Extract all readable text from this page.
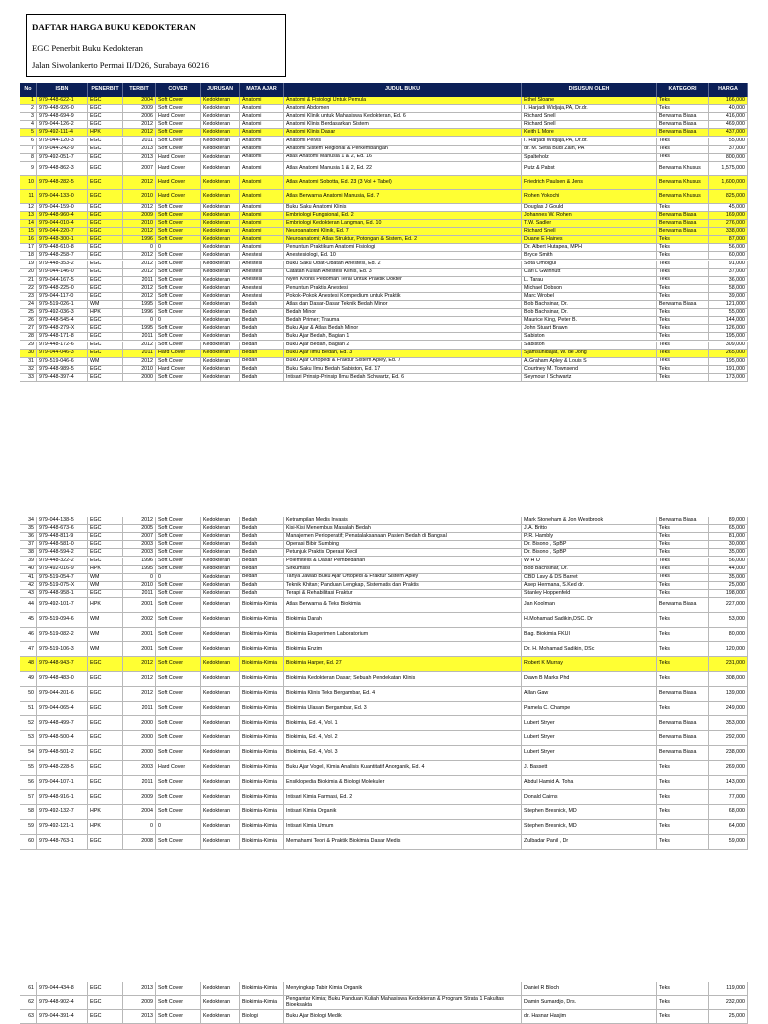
DAFTAR HARGA BUKU KEDOKTERAN
EGC Penerbit Buku Kedokteran
Jalan Siwolankerto Permai II/D26, Surabaya 60216
No	ISBN	PENERBIT	TERBIT	COVER	JURUSAN	MATA AJAR	JUDUL BUKU	DISUSUN OLEH	KATEGORI	HARGA
1 979-448-622-1	EGC	2004 Soft Cover	Kedokteran	Anatomi	Anatomi & Fisiologi Untuk Pemula	Ethel Sloane	Teks	166,000
2 979-448-926-0	EGC	2009 Soft Cover	Kedokteran	Anatomi	Anatomi Abdomen	I. Harjadi Widjaja,PA, Dr.dr.	Teks	40,000
3 979-448-694-9	EGC	2006 Hard Cover	Kedokteran	Anatomi	Anatomi Klinik untuk Mahasiswa Kedokteran, Ed. 6	Richard Snell	Berwarna Biasa	416,000
4 979-044-126-2	EGC	2012 Soft Cover	Kedokteran	Anatomi	Anatomi Klinis Berdasarkan Sistem	Richard Snell	Berwarna Biasa	469,000
5 979-492-111-4	HPK	2012 Soft Cover	Kedokteran	Anatomi	Anatomi Klinis Dasar	Keith L More	Berwarna Biasa	437,000
6 979-044-120-3	EGC	2011 Soft Cover	Kedokteran	Anatomi	Anatomi Pelvis	I. Harjadi Widjaja,PA, Dr.dr.	Teks	55,000
7 979-044-242-9	EGC	2013 Soft Cover	Kedokteran	Anatomi	Anatomi Sistem Regional & Perkembangan	dr. M. Setia Budi Zain, PA	Teks	37,000
8 979-492-051-7	EGC	2013 Hard Cover	Kedokteran	Anatomi	Atlas Anatomi Manusia 1 & 2, Ed. 16	Spalteholz	Teks	800,000
9 979-448-862-3	EGC	2007 Hard Cover	Kedokteran	Anatomi	Atlas Anatomi Manusia 1 & 2, Ed. 22	Putz & Pabst	Berwarna Khusus	1,575,000
10 979-448-282-5	EGC	2012 Hard Cover	Kedokteran	Anatomi	Atlas Anatomi Sobotta, Ed. 23 (3 Vol + Tabel)	Friedrich Paulsen & Jens	Berwarna Khusus	1,600,000
11 979-044-133-0	EGC	2010 Hard Cover	Kedokteran	Anatomi	Atlas Berwarna Anatomi Manusia, Ed. 7	Rohen Yokochi	Berwarna Khusus	825,000
12 979-044-159-0	EGC	2012 Soft Cover	Kedokteran	Anatomi	Buku Saku Anatomi Klinis	Douglas J Gould	Teks	45,000
13 979-448-960-4	EGC	2009 Soft Cover	Kedokteran	Anatomi	Embriologi Fungsional, Ed. 2	Johannes W. Rohen	Berwarna Biasa	169,000
14 979-044-010-4	EGC	2010 Soft Cover	Kedokteran	Anatomi	Embriologi Kedokteran Langman, Ed. 10	T.W. Sadler	Berwarna Biasa	276,000
15 979-044-220-7	EGC	2012 Soft Cover	Kedokteran	Anatomi	Neuroanatomi Klinik, Ed. 7	Richard Snell	Berwarna Biasa	338,000
16 979-448-300-1	EGC	1996 Soft Cover	Kedokteran	Anatomi	Neuroanatomi; Atlas Struktur, Potongan & Sistem, Ed. 2	Duane E Haines	Teks	87,000
17 979-448-610-8	EGC	0 0	Kedokteran	Anatomi	Penuntun Praktikum Anatomi Fisiologi	Dr. Albert Hutapea, MPH	Teks	56,000
18 979-448-258-7	EGC	2012 Soft Cover	Kedokteran	Anestesi	Anestesiologi, Ed. 10	Bryce Smith	Teks	60,000
19 979-448-353-2	EGC	2012 Soft Cover	Kedokteran	Anestesi	Buku Saku Obat-Obatan Anestesi, Ed. 2	Sota Omoigui	Teks	91,000
20 979-044-146-0	EGC	2012 Soft Cover	Kedokteran	Anestesi	Catatan Kuliah Anestesi Klinis, Ed. 3	Carl L Gwinnutt	Teks	37,000
21 979-044-167-5	EGC	2011 Soft Cover	Kedokteran	Anestesi	Nyeri Kronis Pedoman Terai Untuk Praktik Dokter	L. Tarau	Teks	36,000
22 979-448-225-0	EGC	2012 Soft Cover	Kedokteran	Anestesi	Penuntun Praktis Anestesi	Michael Dobson	Teks	58,000
23 979-044-117-0	EGC	2012 Soft Cover	Kedokteran	Anestesi	Pokok-Pokok Anestesi Kompedium untuk Praktik	Marc Wrobel	Teks	39,000
24 979-519-026-1	WM	1995 Soft Cover	Kedokteran	Bedah	Atlas dan Dasar-Dasar Teknik Bedah Minor	Bob Bachsinar, Dr.	Berwarna Biasa	121,000
25 979-492-036-3	HPK	1996 Soft Cover	Kedokteran	Bedah	Bedah Minor	Bob Bachsinar, Dr.	Teks	55,000
26 979-448-545-4	EGC	0 0	Kedokteran	Bedah	Bedah Primer; Trauma	Maurice King, Peter B.	Teks	144,000
27 979-448-279-X	EGC	1995 Soft Cover	Kedokteran	Bedah	Buku Ajar & Atlas Bedah Minor	John Stuart Brawn	Teks	126,000
28 979-448-171-8	EGC	2011 Soft Cover	Kedokteran	Bedah	Buku Ajar Bedah, Bagian 1	Sabiston	Teks	195,000
29 979-448-172-6	EGC	2012 Soft Cover	Kedokteran	Bedah	Buku Ajar Bedah, Bagian 2	Sabiston	Teks	309,000
30 979-044-046-3	EGC	2011 Hard Cover	Kedokteran	Bedah	Buku Ajar Ilmu Bedah, Ed. 3	Sjamsuhidajat, W. de Jong	Teks	265,000
31 979-519-046-6	WM	2012 Soft Cover	Kedokteran	Bedah	Buku Ajar Ortopedi & Fraktur Sistem Apley, Ed. 7	A.Graham Apley & Louis S	Teks	195,000
32 979-448-989-5	EGC	2010 Hard Cover	Kedokteran	Bedah	Buku Saku Ilmu Bedah Sabiston, Ed. 17	Courtney M. Townsend	Teks	191,000
33 979-448-397-4	EGC	2000 Soft Cover	Kedokteran	Bedah	Intisari Prinsip-Prinsip Ilmu Bedah Schwartz, Ed. 6	Seymour I Schwartz	Teks	173,000
34 979-044-138-5	EGC	2012 Soft Cover	Kedokteran	Bedah	Ketrampilan Medis Invasis	Mark Stoneham & Jon Westbrook	Berwarna Biasa	89,000
35 979-448-673-6	EGC	2005 Soft Cover	Kedokteran	Bedah	Kisi-Kisi Menembus Masalah Bedah	J.A. Britto	Teks	65,000
36 979-448-811-9	EGC	2007 Soft Cover	Kedokteran	Bedah	Manajemen Perioperatif; Penatalaksanaan Pasien Bedah di Bangsal	P.R. Hambly	Teks	81,000
37 979-448-581-0	EGC	2003 Soft Cover	Kedokteran	Bedah	Operasi Bibir Sumbing	Dr. Bisono , SpBP	Teks	30,000
38 979-448-594-2	EGC	2003 Soft Cover	Kedokteran	Bedah	Petunjuk Praktis Operasi Kecil	Dr. Bisono , SpBP	Teks	35,000
39 979-448-322-2	EGC	1996 Soft Cover	Kedokteran	Bedah	Polemitelis & Dasar Pembedahan	W H O	Teks	56,000
40 979-492-016-9	HPK	1995 Soft Cover	Kedokteran	Bedah	Sirkumsisi	Bob Bachsinar, Dr.	Teks	44,000
41 979-519-054-7	WM	0 0	Kedokteran	Bedah	Tanya Jawab Buku Ajar Ortopedi & Fraktur Sistem Apley	CBD Lavy & DS Barret	Teks	35,000
42 979-519-075-X	WM	2010 Soft Cover	Kedokteran	Bedah	Teknik Khitan; Panduan Lengkap, Sistematis dan Praktis	Asep Hermana, S.Ked dr.	Teks	25,000
43 979-448-958-1	EGC	2011 Soft Cover	Kedokteran	Bedah	Terapi & Rehabilitasi Fraktur	Stanley Hoppenfeld	Teks	198,000
44 979-492-101-7	HPK	2001 Soft Cover	Kedokteran	Biokimia-Kimia	Atlas Berwarna & Teks Biokimia	Jan Koolman	Berwarna Biasa	227,000
45 979-519-094-6	WM	2002 Soft Cover	Kedokteran	Biokimia-Kimia	Biokimia Darah	H.Mohamad Sadikin,DSC. Dr	Teks	53,000
46 979-519-082-2	WM	2001 Soft Cover	Kedokteran	Biokimia-Kimia	Biokimia Eksperimen Laboratorium	Bag. Biokimia FKUI	Teks	80,000
47 979-519-106-3	WM	2001 Soft Cover	Kedokteran	Biokimia-Kimia	Biokimia Enzim	Dr. H. Mohamad Sadikin, DSc	Teks	120,000
48 979-448-943-7	EGC	2012 Soft Cover	Kedokteran	Biokimia-Kimia	Biokimia Harper, Ed. 27	Robert K Murray	Teks	231,000
49 979-448-483-0	EGC	2012 Soft Cover	Kedokteran	Biokimia-Kimia	Biokimia Kedokteran Dasar; Sebuah Pendekatan Klinis	Dawn B Marks Phd	Teks	308,000
50 979-044-201-6	EGC	2012 Soft Cover	Kedokteran	Biokimia-Kimia	Biokimia Klinis Teks Bergambar, Ed. 4	Allan Gaw	Berwarna Biasa	139,000
51 979-044-065-4	EGC	2011 Soft Cover	Kedokteran	Biokimia-Kimia	Biokimia Ulasan Bergambar, Ed. 3	Pamela C. Champe	Teks	249,000
52 979-448-499-7	EGC	2000 Soft Cover	Kedokteran	Biokimia-Kimia	Biokimia, Ed. 4, Vol. 1	Lubert Stryer	Berwarna Biasa	353,000
53 979-448-500-4	EGC	2000 Soft Cover	Kedokteran	Biokimia-Kimia	Biokimia, Ed. 4, Vol. 2	Lubert Stryer	Berwarna Biasa	292,000
54 979-448-501-2	EGC	2000 Soft Cover	Kedokteran	Biokimia-Kimia	Biokimia, Ed. 4, Vol. 3	Lubert Stryer	Berwarna Biasa	238,000
55 979-448-228-5	EGC	2003 Hard Cover	Kedokteran	Biokimia-Kimia	Buku Ajar Vogel, Kimia Analisis Kuantitatif Anorganik, Ed. 4	J. Bassett	Teks	269,000
56 979-044-107-1	EGC	2011 Soft Cover	Kedokteran	Biokimia-Kimia	Ensiklopedia Biokimia & Biologi Molekuler	Abdul Hamid A. Toha	Teks	143,000
57 979-448-916-1	EGC	2009 Soft Cover	Kedokteran	Biokimia-Kimia	Intisari Kimia Farmasi, Ed. 2	Donald Cairns	Teks	77,000
58 979-492-132-7	HPK	2004 Soft Cover	Kedokteran	Biokimia-Kimia	Intisari Kimia Organik	Stephen Bresnick, MD	Teks	68,000
59 979-492-121-1	HPK	0 0	Kedokteran	Biokimia-Kimia	Intisari Kimia Umum	Stephen Bresnick, MD	Teks	64,000
60 979-448-763-1	EGC	2008 Soft Cover	Kedokteran	Biokimia-Kimia	Memahami Teori & Praktik Biokimia Dasar Medis	Zulbadar Panil , Dr	Teks	59,000
61 979-044-434-8	EGC	2013 Soft Cover	Kedokteran	Biokimia-Kimia	Menyingkap Tabir Kimia Organik	Daniel R Bloch	Teks	119,000
62 979-448-902-4	EGC	2009 Soft Cover	Kedokteran	Biokimia-Kimia	Pengantar Kimia; Buku Panduan Kuliah Mahasiswa Kedokteran & Program Strata 1 Fakultas Bioeksakta	Damin Sumardjo, Drs.	Teks	232,000
63 979-044-391-4	EGC	2013 Soft Cover	Kedokteran	Biologi	Buku Ajar Biologi Medik	dr. Hasnar Hasjim	Teks	25,000
